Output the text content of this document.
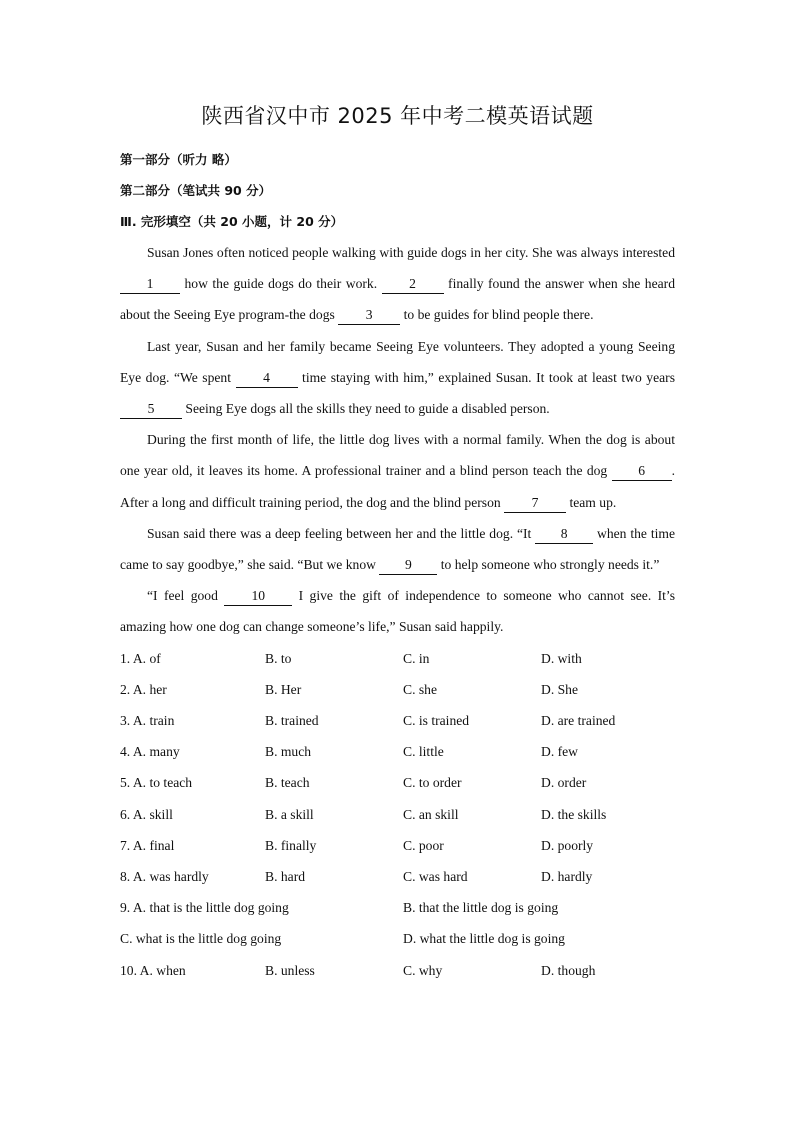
陕西省汉中市 2025 年中考二模英语试题

第一部分（听力 略）

第二部分（笔试共 90 分）

Ⅲ. 完形填空（共 20 小题，计 20 分）

Susan Jones often noticed people walking with guide dogs in her city. She was always interested 1 how the guide dogs do their work. 2 finally found the answer when she heard about the Seeing Eye program-the dogs 3 to be guides for blind people there.

Last year, Susan and her family became Seeing Eye volunteers. They adopted a young Seeing Eye dog. “We spent 4 time staying with him,” explained Susan. It took at least two years 5 Seeing Eye dogs all the skills they need to guide a disabled person.

During the first month of life, the little dog lives with a normal family. When the dog is about one year old, it leaves its home. A professional trainer and a blind person teach the dog 6 . After a long and difficult training period, the dog and the blind person 7 team up.

Susan said there was a deep feeling between her and the little dog. “It 8 when the time came to say goodbye,” she said. “But we know 9 to help someone who strongly needs it.”

“I feel good 10 I give the gift of independence to someone who cannot see. It’s amazing how one dog can change someone’s life,” Susan said happily.

1. A. of	B. to	C. in	D. with
2. A. her	B. Her	C. she	D. She
3. A. train	B. trained	C. is trained	D. are trained
4. A. many	B. much	C. little	D. few
5. A. to teach	B. teach	C. to order	D. order
6. A. skill	B. a skill	C. an skill	D. the skills
7. A. final	B. finally	C. poor	D. poorly
8. A. was hardly	B. hard	C. was hard	D. hardly
9. A. that is the little dog going	B. that the little dog is going
C. what is the little dog going	D. what the little dog is going
10. A. when	B. unless	C. why	D. though
